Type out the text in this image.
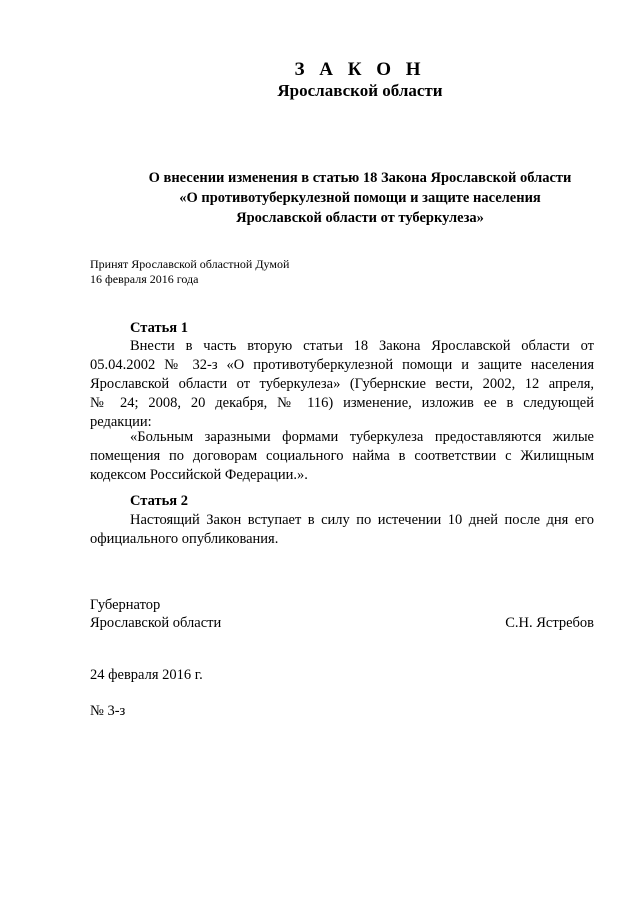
З А К О Н
Ярославской области
О внесении изменения в статью 18 Закона Ярославской области
«О противотуберкулезной помощи и защите населения
Ярославской области от туберкулеза»
Принят Ярославской областной Думой
16 февраля 2016 года
Статья 1
Внести в часть вторую статьи 18 Закона Ярославской области от
05.04.2002 № 32-з «О противотуберкулезной помощи и защите населения
Ярославской области от туберкулеза» (Губернские вести, 2002, 12 апреля,
№ 24; 2008, 20 декабря, № 116) изменение, изложив ее в следующей
редакции:
«Больным заразными формами туберкулеза предоставляются жилые
помещения по договорам социального найма в соответствии с Жилищным
кодексом Российской Федерации.».
Статья 2
Настоящий Закон вступает в силу по истечении 10 дней после дня его
официального опубликования.
Губернатор
Ярославской области	С.Н. Ястребов
24 февраля 2016 г.
№ 3-з
